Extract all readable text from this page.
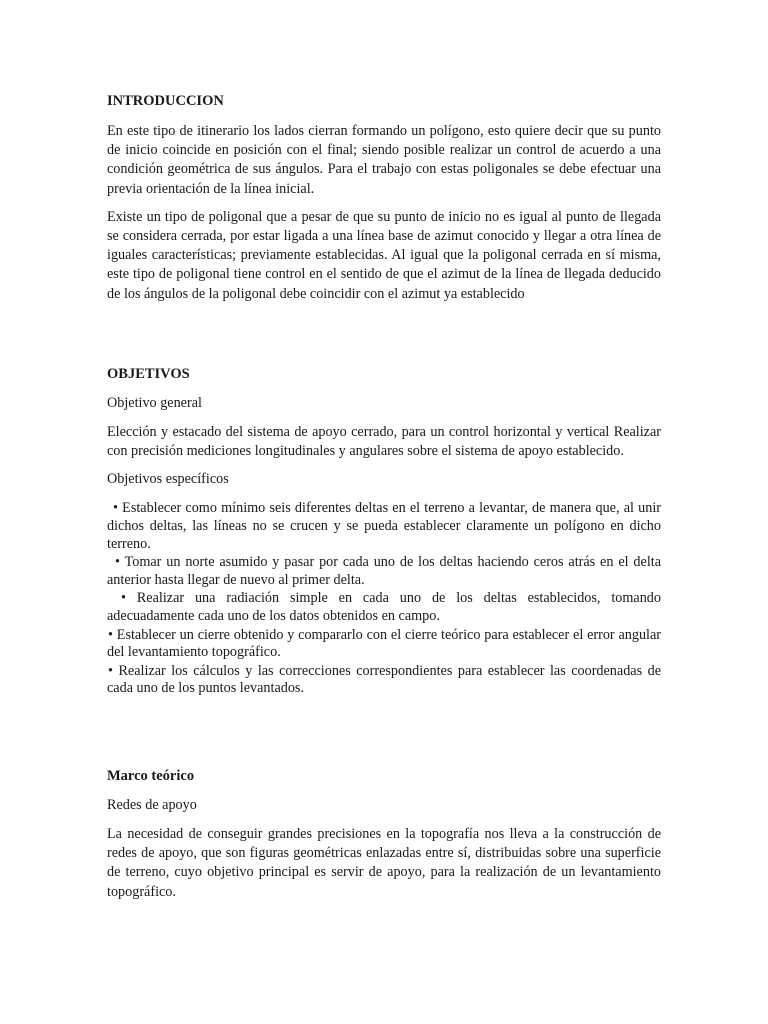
INTRODUCCION

En este tipo de itinerario los lados cierran formando un polígono, esto quiere decir que su punto de inicio coincide en posición con el final; siendo posible realizar un control de acuerdo a una condición geométrica de sus ángulos. Para el trabajo con estas poligonales se debe efectuar una previa orientación de la línea inicial.

Existe un tipo de poligonal que a pesar de que su punto de inicio no es igual al punto de llegada se considera cerrada, por estar ligada a una línea base de azimut conocido y llegar a otra línea de iguales características; previamente establecidas. Al igual que la poligonal cerrada en sí misma, este tipo de poligonal tiene control en el sentido de que el azimut de la línea de llegada deducido de los ángulos de la poligonal debe coincidir con el azimut ya establecido

OBJETIVOS

Objetivo general

Elección y estacado del sistema de apoyo cerrado, para un control horizontal y vertical Realizar con precisión mediciones longitudinales y angulares sobre el sistema de apoyo establecido.

Objetivos específicos

• Establecer como mínimo seis diferentes deltas en el terreno a levantar, de manera que, al unir dichos deltas, las líneas no se crucen y se pueda establecer claramente un polígono en dicho terreno.

• Tomar un norte asumido y pasar por cada uno de los deltas haciendo ceros atrás en el delta anterior hasta llegar de nuevo al primer delta.

• Realizar una radiación simple en cada uno de los deltas establecidos, tomando adecuadamente cada uno de los datos obtenidos en campo.

• Establecer un cierre obtenido y compararlo con el cierre teórico para establecer el error angular del levantamiento topográfico.

• Realizar los cálculos y las correcciones correspondientes para establecer las coordenadas de cada uno de los puntos levantados.

Marco teórico

Redes de apoyo

La necesidad de conseguir grandes precisiones en la topografía nos lleva a la construcción de redes de apoyo, que son figuras geométricas enlazadas entre sí, distribuidas sobre una superficie de terreno, cuyo objetivo principal es servir de apoyo, para la realización de un levantamiento topográfico.
